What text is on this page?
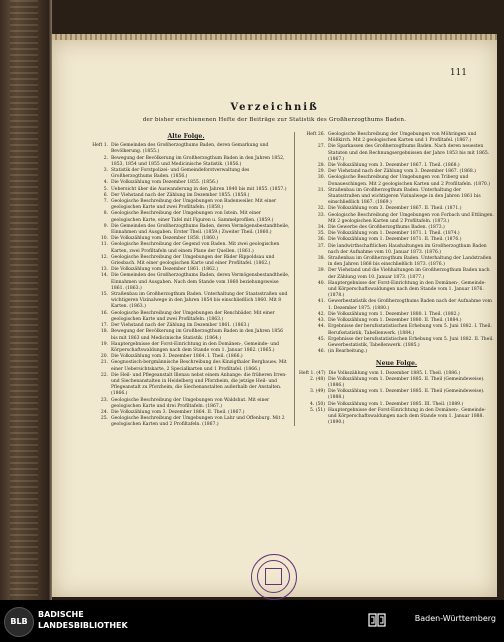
111
Verzeichniß
der bisher erschienenen Hefte der Beiträge zur Statistik des Großherzogthums Baden.
Alte Folge.
Heft 1. Die Gemeinden des Großherzogthums Baden, deren Gemarkung und Bevölkerung. (1855.)
2. Bewegung der Bevölkerung im Großherzogthum Baden in den Jahren 1852, 1853, 1854 und 1855 und Medicinische Statistik. (1856.)
3. Statistik der Forstpolizei- und Gemeindeforstverwaltung des Großherzogthums Baden. (1856.)
4. Die Volkszählung vom Dezember 1855. (1856.)
5. Uebersicht über die Auswanderung in den Jahren 1840 bis mit 1855. (1857.)
6. Der Viehstand nach der Zählung im Dezember 1855. (1858.)
7. Geologische Beschreibung der Umgebungen von Badenweiler. Mit einer geologischen Karte und zwei Profiltafeln. (1858.)
8. Geologische Beschreibung der Umgebungen von Istein. Mit einer geologischen Karte, einer Tafel mit Figuren u. Sammelprofilen. (1859.)
9. Die Gemeinden des Großherzogthums Baden, deren Vermögensbestandtheile, Einnahmen und Ausgaben. Erster Theil. (1859.) Zweiter Theil. (1860.)
10. Die Volkszählung vom Dezember 1858. (1860.)
11. Geologische Beschreibung der Gegend von Baden. Mit zwei geologischen Karten, zwei Profiltafeln und einem Plane der Quellen. (1861.)
12. Geologische Beschreibung der Umgebungen der Bäder Rippoldsau und Griesbach. Mit einer geologischen Karte und einer Profiltafel. (1862.)
13. Die Volkszählung vom Dezember 1861. (1862.)
14. Die Gemeinden des Großherzogthums Baden, deren Vermögensbestandtheile, Einnahmen und Ausgaben. Nach dem Stande vom 1860 beziehungsweise 1861. (1863.)
15. Straßenbau im Großherzogthum Baden. Unterhaltung der Staatsstraßen und wichtigeren Vizinalwege in den Jahren 1854 bis einschließlich 1860. Mit 8 Karten. (1863.)
16. Geologische Beschreibung der Umgebungen der Renchbäder. Mit einer geologischen Karte und zwei Profiltafeln. (1863.)
17. Der Viehstand nach der Zählung im Dezember 1861. (1863.)
18. Bewegung der Bevölkerung im Großherzogthum Baden in den Jahren 1856 bis mit 1863 und Medicinische Statistik. (1864.)
19. Hauptergebnisse der Forst-Einrichtung in den Domänen-, Gemeinde- und Körperschaftswaldungen nach dem Stande vom 1. Januar 1862. (1865.)
20. Die Volkszählung vom 3. Dezember 1864. I. Theil. (1866.)
21. Geognostisch-bergmännische Beschreibung des Kinzigthaler Bergbaues. Mit einer Uebersichtskarte, 2 Specialkarten und 1 Profiltafel. (1866.)
22. Die Heil- und Pflegeanstalt Illenau nebst einem Anhange: die früheren Irren- und Siechenanstalten in Heidelberg und Pforzheim, die jetzige Heil- und Pflegeanstalt zu Pforzheim, die Siechenanstalten außerhalb der Anstalten. (1866.)
23. Geologische Beschreibung der Umgebungen von Waldshut. Mit einer geologischen Karte und drei Profiltafeln. (1867.)
24. Die Volkszählung vom 3. Dezember 1864. II. Theil. (1867.)
25. Geologische Beschreibung der Umgebungen von Lahr und Offenburg. Mit 2 geologischen Karten und 2 Profiltafeln. (1867.)
Heft 26. Geologische Beschreibung der Umgebungen von Möhringen und Mößkirch. Mit 2 geologischen Karten und 1 Profiltafel. (1867.)
27. Die Sparkassen des Großherzogthums Baden. Nach deren neuesten Statuten und den Rechnungsergebnissen der Jahre 1853 bis mit 1865. (1867.)
28. Die Volkszählung vom 3. Dezember 1867. I. Theil. (1868.)
29. Der Viehstand nach der Zählung vom 3. Dezember 1867. (1868.)
30. Geologische Beschreibung der Umgebungen von Triberg und Donaueschingen. Mit 2 geologischen Karten und 2 Profiltafeln. (1870.)
31. Straßenbau im Großherzogthum Baden. Unterhaltung der Staatsstraßen und wichtigeren Vizinalwege in den Jahren 1861 bis einschließlich 1867. (1869.)
32. Die Volkszählung vom 3. Dezember 1867. II. Theil. (1871.)
33. Geologische Beschreibung der Umgebungen von Forbach und Ettlingen. Mit 2 geologischen Karten und 2 Profiltafeln. (1873.)
34. Die Gewerbe des Großherzogthums Baden. (1873.)
35. Die Volkszählung vom 1. Dezember 1871. I. Theil. (1874.)
36. Die Volkszählung vom 1. Dezember 1871. II. Theil. (1876.)
37. Die landwirthschaftlichen Haushaltungen im Großherzogthum Baden nach der Aufnahme vom 10. Januar 1873. (1876.)
38. Straßenbau im Großherzogthum Baden. Unterhaltung der Landstraßen in den Jahren 1868 bis einschließlich 1873. (1876.)
39. Der Viehstand und die Viehhaltungen im Großherzogthum Baden nach der Zählung vom 10. Januar 1873. (1877.)
40. Hauptergebnisse der Forst-Einrichtung in den Domänen-, Gemeinde- und Körperschaftswaldungen nach dem Stande vom 1. Januar 1876. (1878.)
41. Gewerbestatistik des Großherzogthums Baden nach der Aufnahme vom 1. Dezember 1875. (1880.)
42. Die Volkszählung vom 1. Dezember 1880. I. Theil. (1882.)
43. Die Volkszählung vom 1. Dezember 1880. II. Theil. (1884.)
44. Ergebnisse der berufsstatistischen Erhebung vom 5. Juni 1882. I. Theil. Berufsstatistik, Tabellenwerk. (1884.)
45. Ergebnisse der berufsstatistischen Erhebung vom 5. Juni 1882. II. Theil. Gewerbestatistik, Tabellenwerk. (1885.)
46. (in Bearbeitung.)
Neue Folge.
Heft 1. (47) Die Volkszählung vom 1. Dezember 1885. I. Theil. (1886.)
2. (48) Die Volkszählung vom 1. Dezember 1885. II. Theil (Gemeindeweise). (1886.)
3. (49) Die Volkszählung vom 1. Dezember 1885. II. Theil (Gemeindeweise). (1888.)
4. (50) Die Volkszählung vom 1. Dezember 1885. III. Theil. (1889.)
5. (51) Hauptergebnisse der Forst-Einrichtung in den Domänen-, Gemeinde- und Körperschaftswaldungen nach dem Stande vom 1. Januar 1888. (1890.)
BLB
BADISCHE
LANDESBIBLIOTHEK
Baden-Württemberg
